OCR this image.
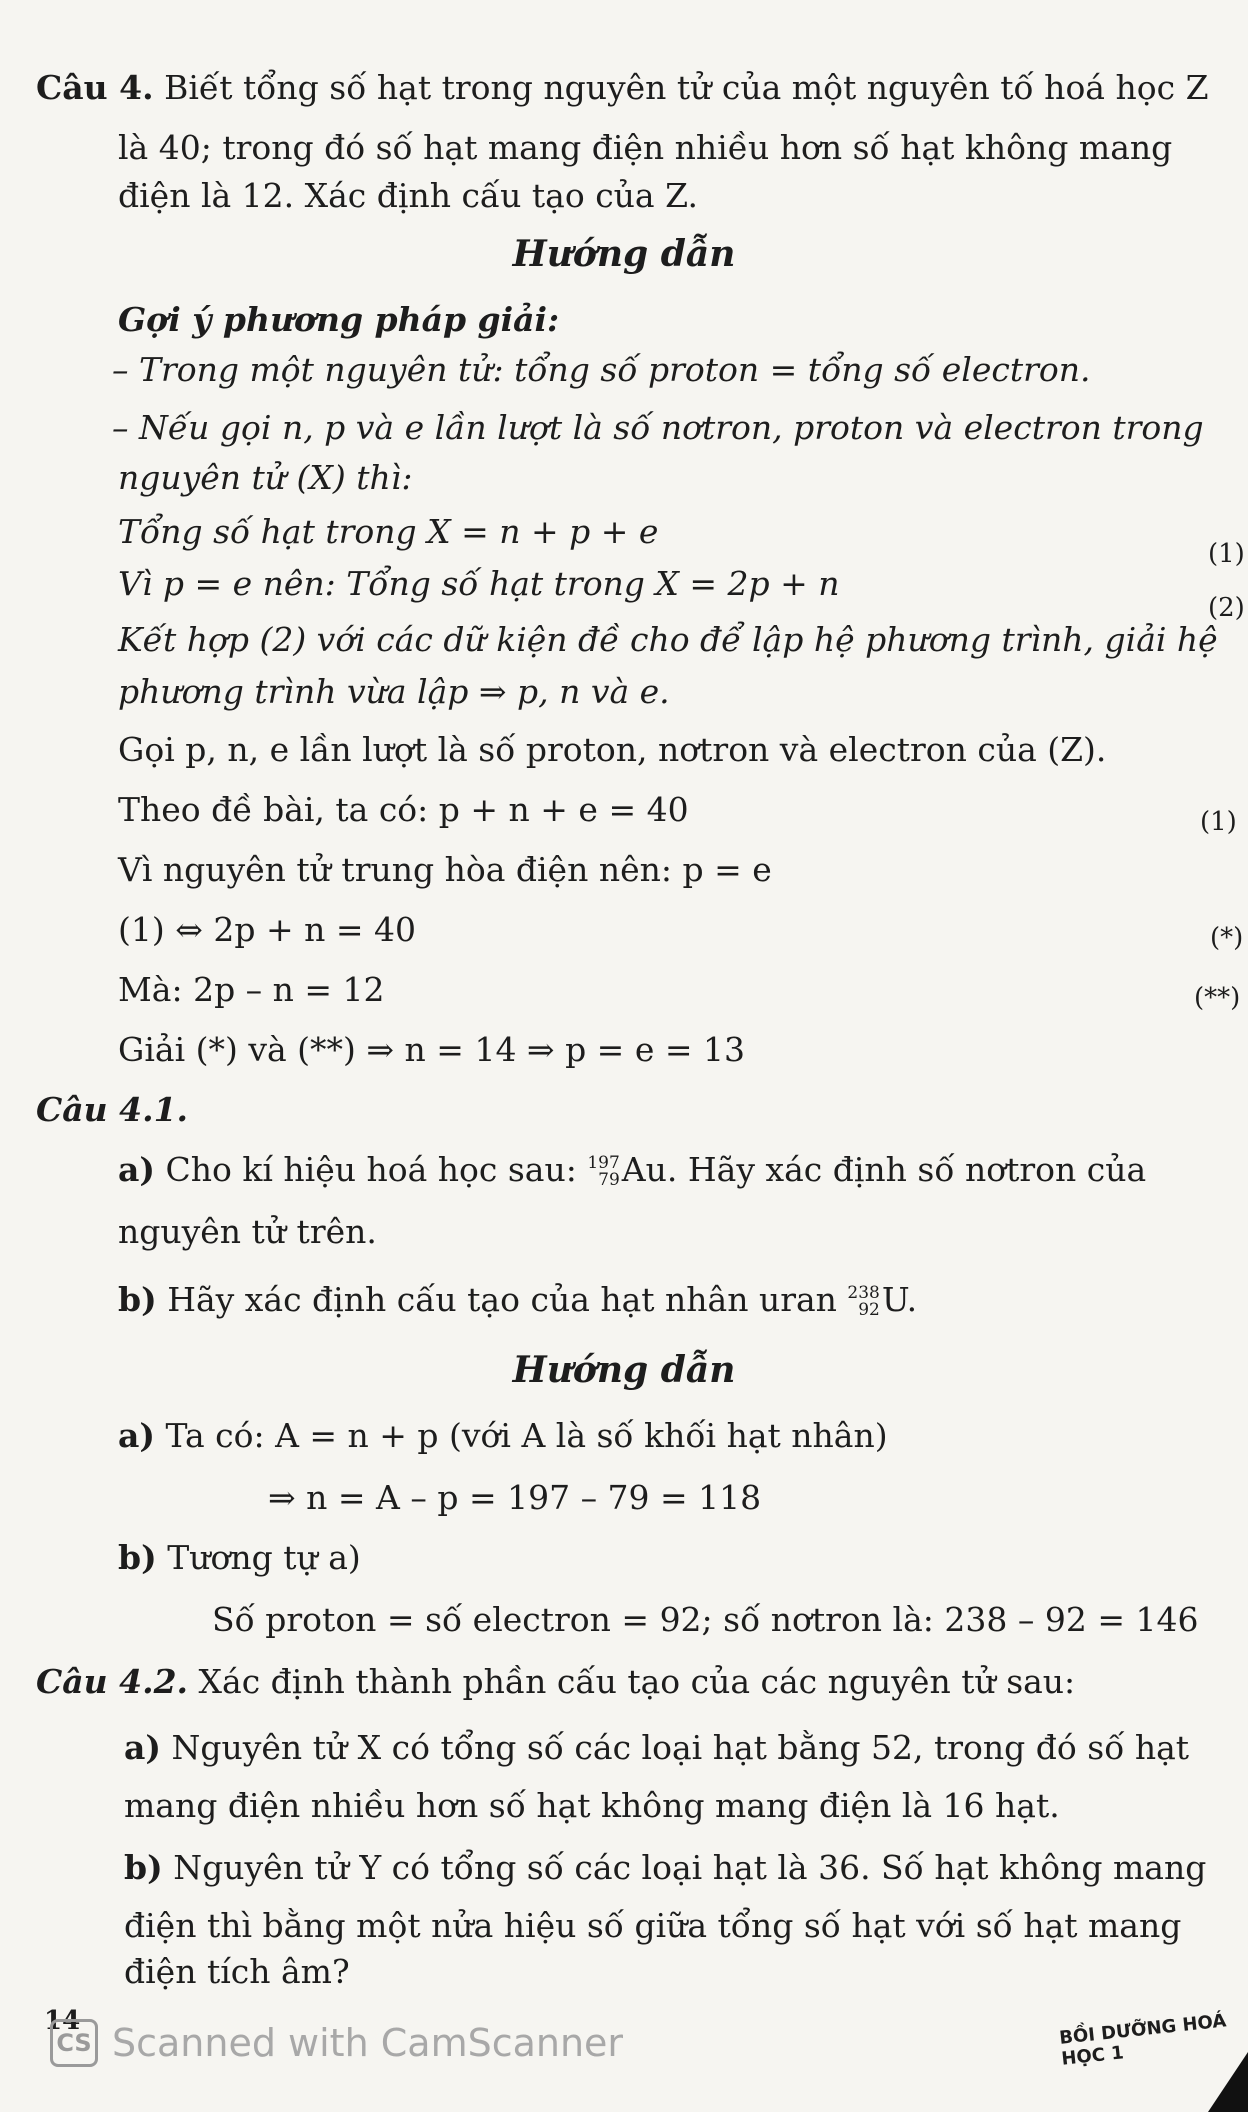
Câu 4. Biết tổng số hạt trong nguyên tử của một nguyên tố hoá học Z
là 40; trong đó số hạt mang điện nhiều hơn số hạt không mang
điện là 12. Xác định cấu tạo của Z.
Hướng dẫn
Gợi ý phương pháp giải:
– Trong một nguyên tử: tổng số proton = tổng số electron.
– Nếu gọi n, p và e lần lượt là số nơtron, proton và electron trong
nguyên tử (X) thì:
Tổng số hạt trong X = n + p + e
(1)
Vì p = e nên: Tổng số hạt trong X = 2p + n
(2)
Kết hợp (2) với các dữ kiện đề cho để lập hệ phương trình, giải hệ
phương trình vừa lập ⇒ p, n và e.
Gọi p, n, e lần lượt là số proton, nơtron và electron của (Z).
Theo đề bài, ta có: p + n + e = 40	(1)
Vì nguyên tử trung hòa điện nên: p = e
(1) ⇔ 2p + n = 40	(*)
Mà: 2p – n = 12	(**)
Giải (*) và (**) ⇒ n = 14 ⇒ p = e = 13
Câu 4.1.
a) Cho kí hiệu hoá học sau: 197
79 Au. Hãy xác định số nơtron của
nguyên tử trên.
b) Hãy xác định cấu tạo của hạt nhân uran 238
92 U.
Hướng dẫn
a) Ta có: A = n + p (với A là số khối hạt nhân)
⇒ n = A – p = 197 – 79 = 118
b) Tương tự a)
Số proton = số electron = 92; số nơtron là: 238 – 92 = 146
Câu 4.2. Xác định thành phần cấu tạo của các nguyên tử sau:
a) Nguyên tử X có tổng số các loại hạt bằng 52, trong đó số hạt
mang điện nhiều hơn số hạt không mang điện là 16 hạt.
b) Nguyên tử Y có tổng số các loại hạt là 36. Số hạt không mang
điện thì bằng một nửa hiệu số giữa tổng số hạt với số hạt mang
điện tích âm?
14
CS Scanned with CamScanner	BỒI DƯỠNG HOÁ HỌC 1
